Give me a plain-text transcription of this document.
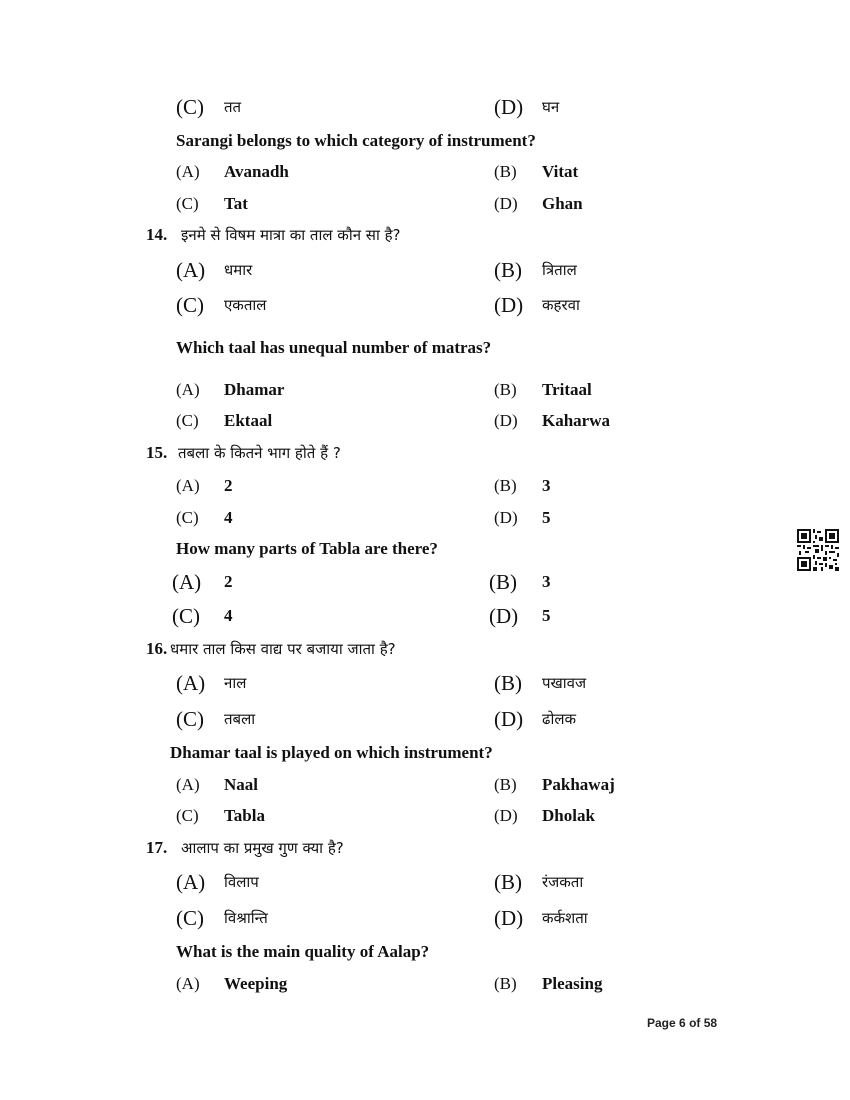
(C) तत	(D) घन
Sarangi belongs to which category of instrument?
(A) Avanadh	(B) Vitat
(C) Tat	(D) Ghan
14. इनमे से विषम मात्रा का ताल कौन सा है?
(A) धमार	(B) त्रिताल
(C) एकताल	(D) कहरवा
Which taal has unequal number of matras?
(A) Dhamar	(B) Tritaal
(C) Ektaal	(D) Kaharwa
15. तबला के कितने भाग होते हैं ?
(A) 2	(B) 3
(C) 4	(D) 5
How many parts of Tabla are there?
(A) 2	(B) 3
(C) 4	(D) 5
16. धमार ताल किस वाद्य पर बजाया जाता है?
(A) नाल	(B) पखावज
(C) तबला	(D) ढोलक
Dhamar taal is played on which instrument?
(A) Naal	(B) Pakhawaj
(C) Tabla	(D) Dholak
17. आलाप का प्रमुख गुण क्या है?
(A) विलाप	(B) रंजकता
(C) विश्रान्ति	(D) कर्कशता
What is the main quality of Aalap?
(A) Weeping	(B) Pleasing
Page 6 of 58
